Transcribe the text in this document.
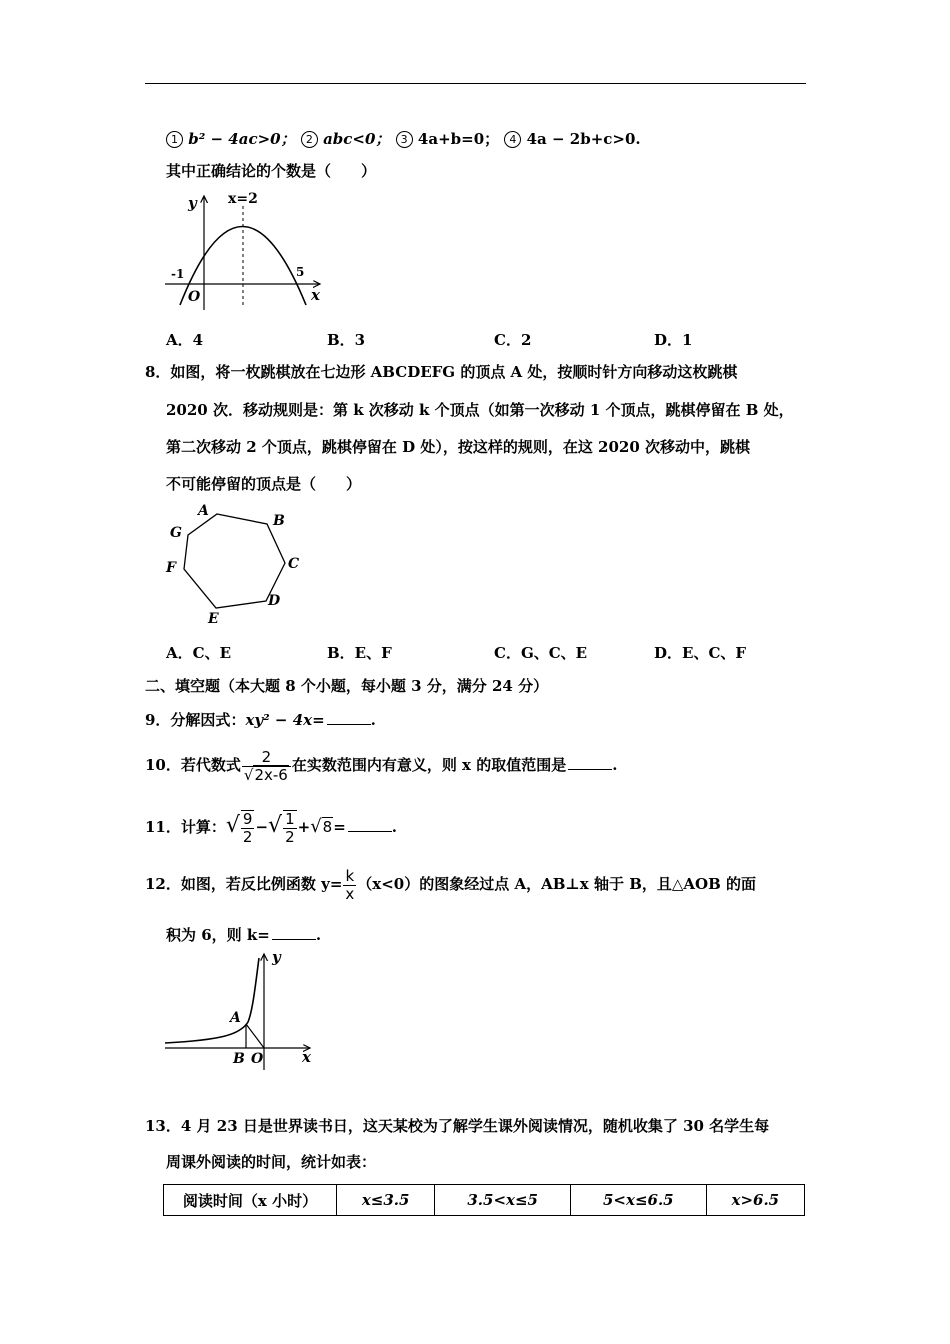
1 b² − 4ac>0； 2 abc<0； 3 4a+b=0； 4 4a − 2b+c>0.
其中正确结论的个数是（　　）
y
x
O
x=2
-1	5
A．4	B．3	C．2	D．1
8．如图，将一枚跳棋放在七边形 ABCDEFG 的顶点 A 处，按顺时针方向移动这枚跳棋
2020 次．移动规则是：第 k 次移动 k 个顶点（如第一次移动 1 个顶点，跳棋停留在 B 处，
第二次移动 2 个顶点，跳棋停留在 D 处），按这样的规则，在这 2020 次移动中，跳棋
不可能停留的顶点是（　　）
A
B
C
D
E
F
G
A．C、E	B．E、F	C．G、C、E	D．E、C、F
二、填空题（本大题 8 个小题，每小题 3 分，满分 24 分）
9．分解因式：xy² − 4x=	.
10．若代数式 $\frac{2}{√2x-6}$ 在实数范围内有意义，则 x 的取值范围是	.
11．计算：√ $\frac{9}{2}$ −√ $\frac{1}{2} +√8=$	.
12．如图，若反比例函数 $y= \frac{k}{x} (x<0)$的图象经过点 A，AB⊥x 轴于 B，且△AOB 的面
积为 6，则 k=	.
y
x
A
B O
13．4 月 23 日是世界读书日，这天某校为了解学生课外阅读情况，随机收集了 30 名学生每
周课外阅读的时间，统计如表：
阅读时间（x 小时）	x≤3.5	3.5<x≤5	5<x≤6.5	x>6.5
